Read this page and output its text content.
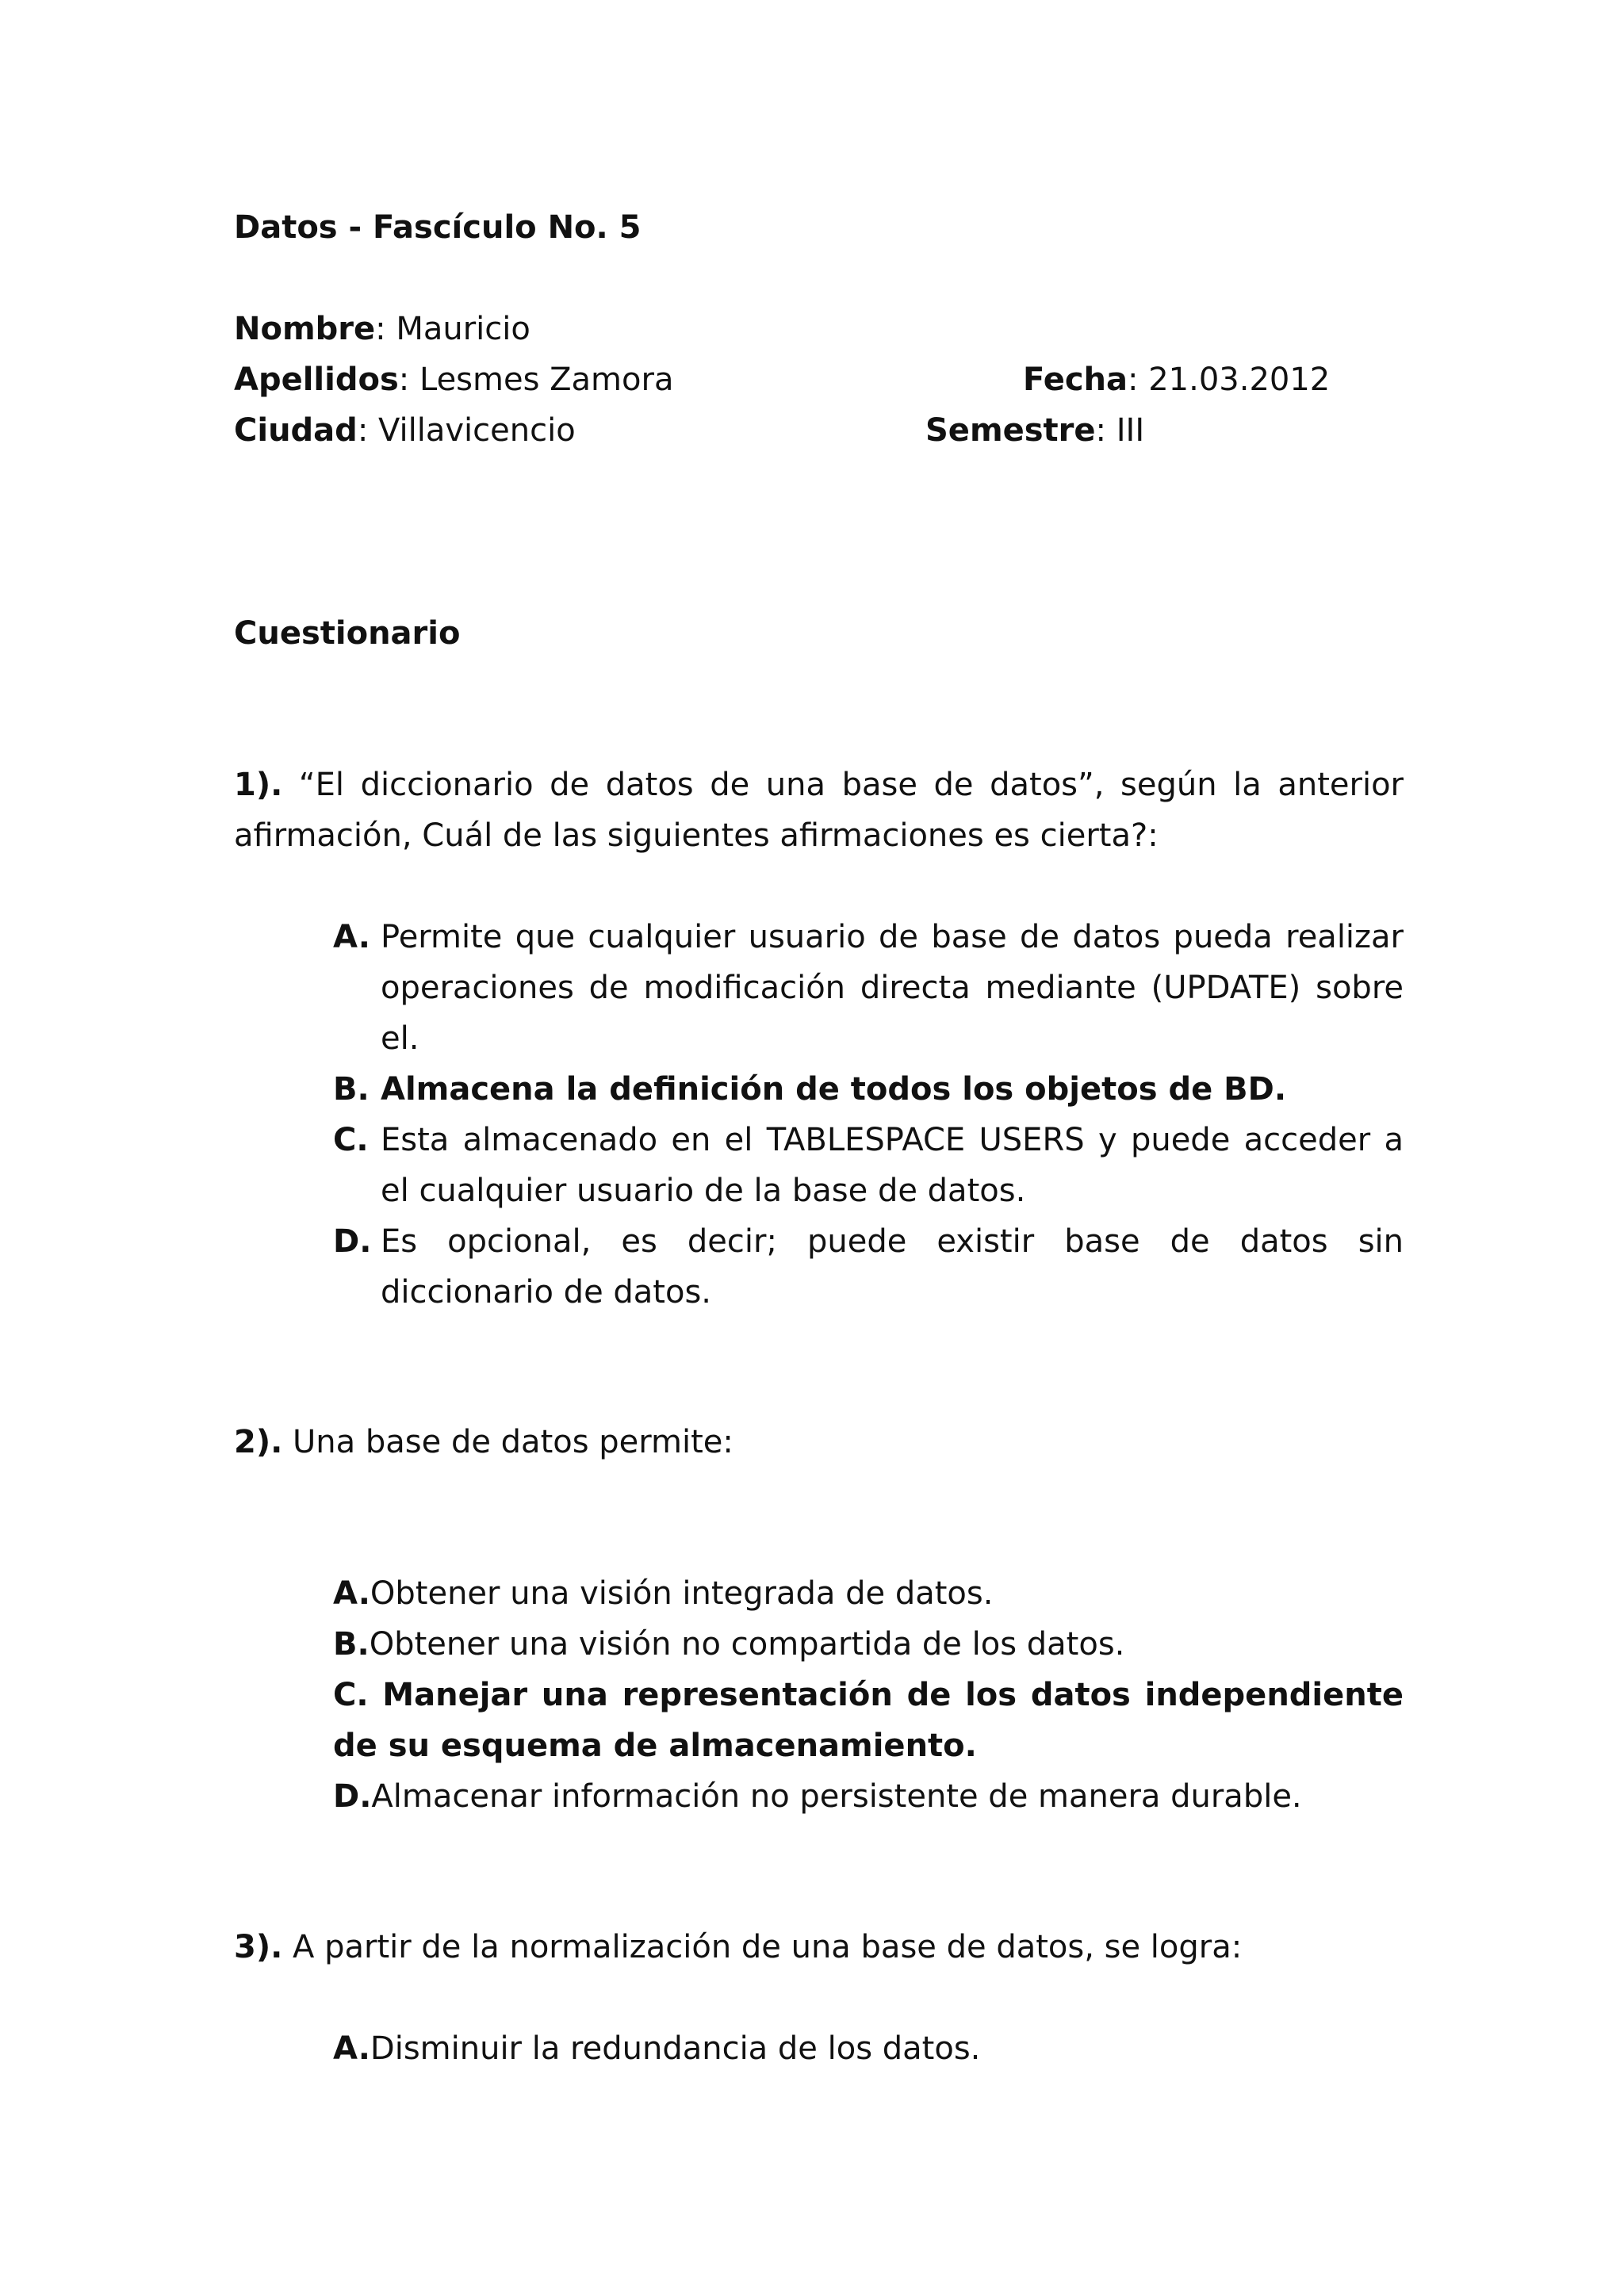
Datos - Fascículo No. 5
Nombre: Mauricio
Apellidos: Lesmes Zamora	Fecha: 21.03.2012
Ciudad: Villavicencio	Semestre: III
Cuestionario
1). “El diccionario de datos de una base de datos”, según la anterior afirmación, Cuál de las siguientes afirmaciones es cierta?:
A. Permite que cualquier usuario de base de datos pueda realizar operaciones de modificación directa mediante (UPDATE) sobre el.
B. Almacena la definición de todos los objetos de BD.
C. Esta almacenado en el TABLESPACE USERS y puede acceder a el cualquier usuario de la base de datos.
D. Es opcional, es decir; puede existir base de datos sin diccionario de datos.
2). Una base de datos permite:
A.Obtener una visión integrada de datos.
B.Obtener una visión no compartida de los datos.
C. Manejar una representación de los datos independiente de su esquema de almacenamiento.
D.Almacenar información no persistente de manera durable.
3). A partir de la normalización de una base de datos, se logra:
A.Disminuir la redundancia de los datos.
